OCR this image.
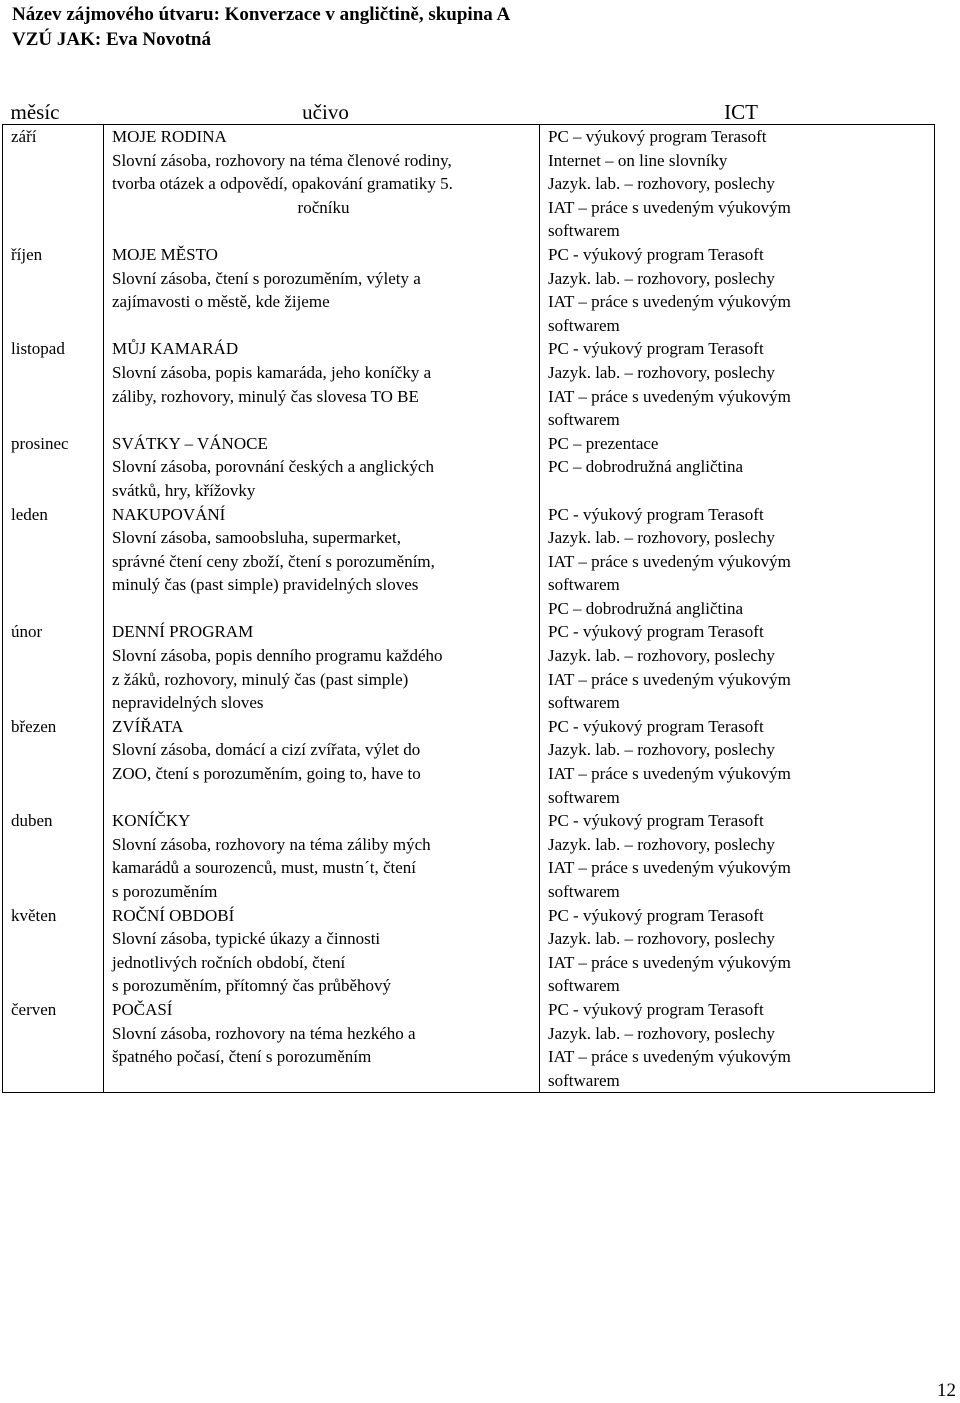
Název zájmového útvaru: Konverzace v angličtině, skupina A
VZÚ JAK: Eva Novotná
měsíc	učivo	ICT

září	MOJE RODINA
Slovní zásoba, rozhovory na téma členové rodiny,
tvorba otázek a odpovědí, opakování gramatiky 5.
ročníku	PC – výukový program Terasoft
Internet – on line slovníky
Jazyk. lab. – rozhovory, poslechy
IAT – práce s uvedeným výukovým
softwarem

říjen	MOJE MĚSTO
Slovní zásoba, čtení s porozuměním, výlety a
zajímavosti o městě, kde žijeme	PC - výukový program Terasoft
Jazyk. lab. – rozhovory, poslechy
IAT – práce s uvedeným výukovým
softwarem

listopad	MŮJ KAMARÁD
Slovní zásoba, popis kamaráda, jeho koníčky a
záliby, rozhovory, minulý čas slovesa TO BE	PC - výukový program Terasoft
Jazyk. lab. – rozhovory, poslechy
IAT – práce s uvedeným výukovým
softwarem

prosinec	SVÁTKY – VÁNOCE
Slovní zásoba, porovnání českých a anglických
svátků, hry, křížovky	PC – prezentace
PC – dobrodružná angličtina

leden	NAKUPOVÁNÍ
Slovní zásoba, samoobsluha, supermarket,
správné čtení ceny zboží, čtení s porozuměním,
minulý čas (past simple) pravidelných sloves	PC - výukový program Terasoft
Jazyk. lab. – rozhovory, poslechy
IAT – práce s uvedeným výukovým
softwarem
PC – dobrodružná angličtina

únor	DENNÍ PROGRAM
Slovní zásoba, popis denního programu každého
z žáků, rozhovory, minulý čas (past simple)
nepravidelných sloves	PC - výukový program Terasoft
Jazyk. lab. – rozhovory, poslechy
IAT – práce s uvedeným výukovým
softwarem

březen	ZVÍŘATA
Slovní zásoba, domácí a cizí zvířata, výlet do
ZOO, čtení s porozuměním, going to, have to	PC - výukový program Terasoft
Jazyk. lab. – rozhovory, poslechy
IAT – práce s uvedeným výukovým
softwarem

duben	KONÍČKY
Slovní zásoba, rozhovory na téma záliby mých
kamarádů a sourozenců, must, mustn´t, čtení
s porozuměním	PC - výukový program Terasoft
Jazyk. lab. – rozhovory, poslechy
IAT – práce s uvedeným výukovým
softwarem

květen	ROČNÍ OBDOBÍ
Slovní zásoba, typické úkazy a činnosti
jednotlivých ročních období, čtení
s porozuměním, přítomný čas průběhový	PC - výukový program Terasoft
Jazyk. lab. – rozhovory, poslechy
IAT – práce s uvedeným výukovým
softwarem

červen	POČASÍ
Slovní zásoba, rozhovory na téma hezkého a
špatného počasí, čtení s porozuměním	PC - výukový program Terasoft
Jazyk. lab. – rozhovory, poslechy
IAT – práce s uvedeným výukovým
softwarem
12
